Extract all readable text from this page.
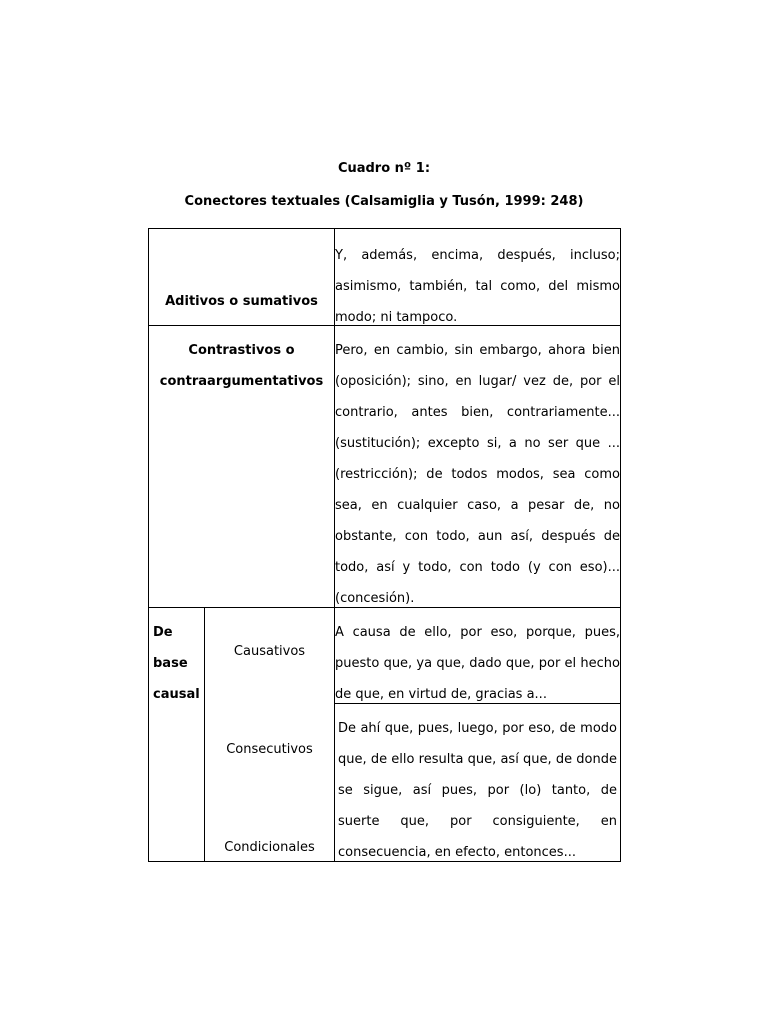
Cuadro nº 1:
Conectores textuales (Calsamiglia y Tusón, 1999: 248)
Aditivos o sumativos
Y, además, encima, después, incluso; asimismo, también, tal como, del mismo modo; ni tampoco.
Contrastivos o
contraargumentativos
Pero, en cambio, sin embargo, ahora bien (oposición); sino, en lugar/ vez de, por el contrario, antes bien, contrariamente... (sustitución); excepto si, a no ser que ... (restricción); de todos modos, sea como sea, en cualquier caso, a pesar de, no obstante, con todo, aun así, después de todo, así y todo, con todo (y con eso)... (concesión).
De
base
causal
Causativos
Consecutivos
Condicionales
A causa de ello, por eso, porque, pues, puesto que, ya que, dado que, por el hecho de que, en virtud de, gracias a...
De ahí que, pues, luego, por eso, de modo que, de ello resulta que, así que, de donde se sigue, así pues, por (lo) tanto, de suerte que, por consiguiente, en consecuencia, en efecto, entonces...
